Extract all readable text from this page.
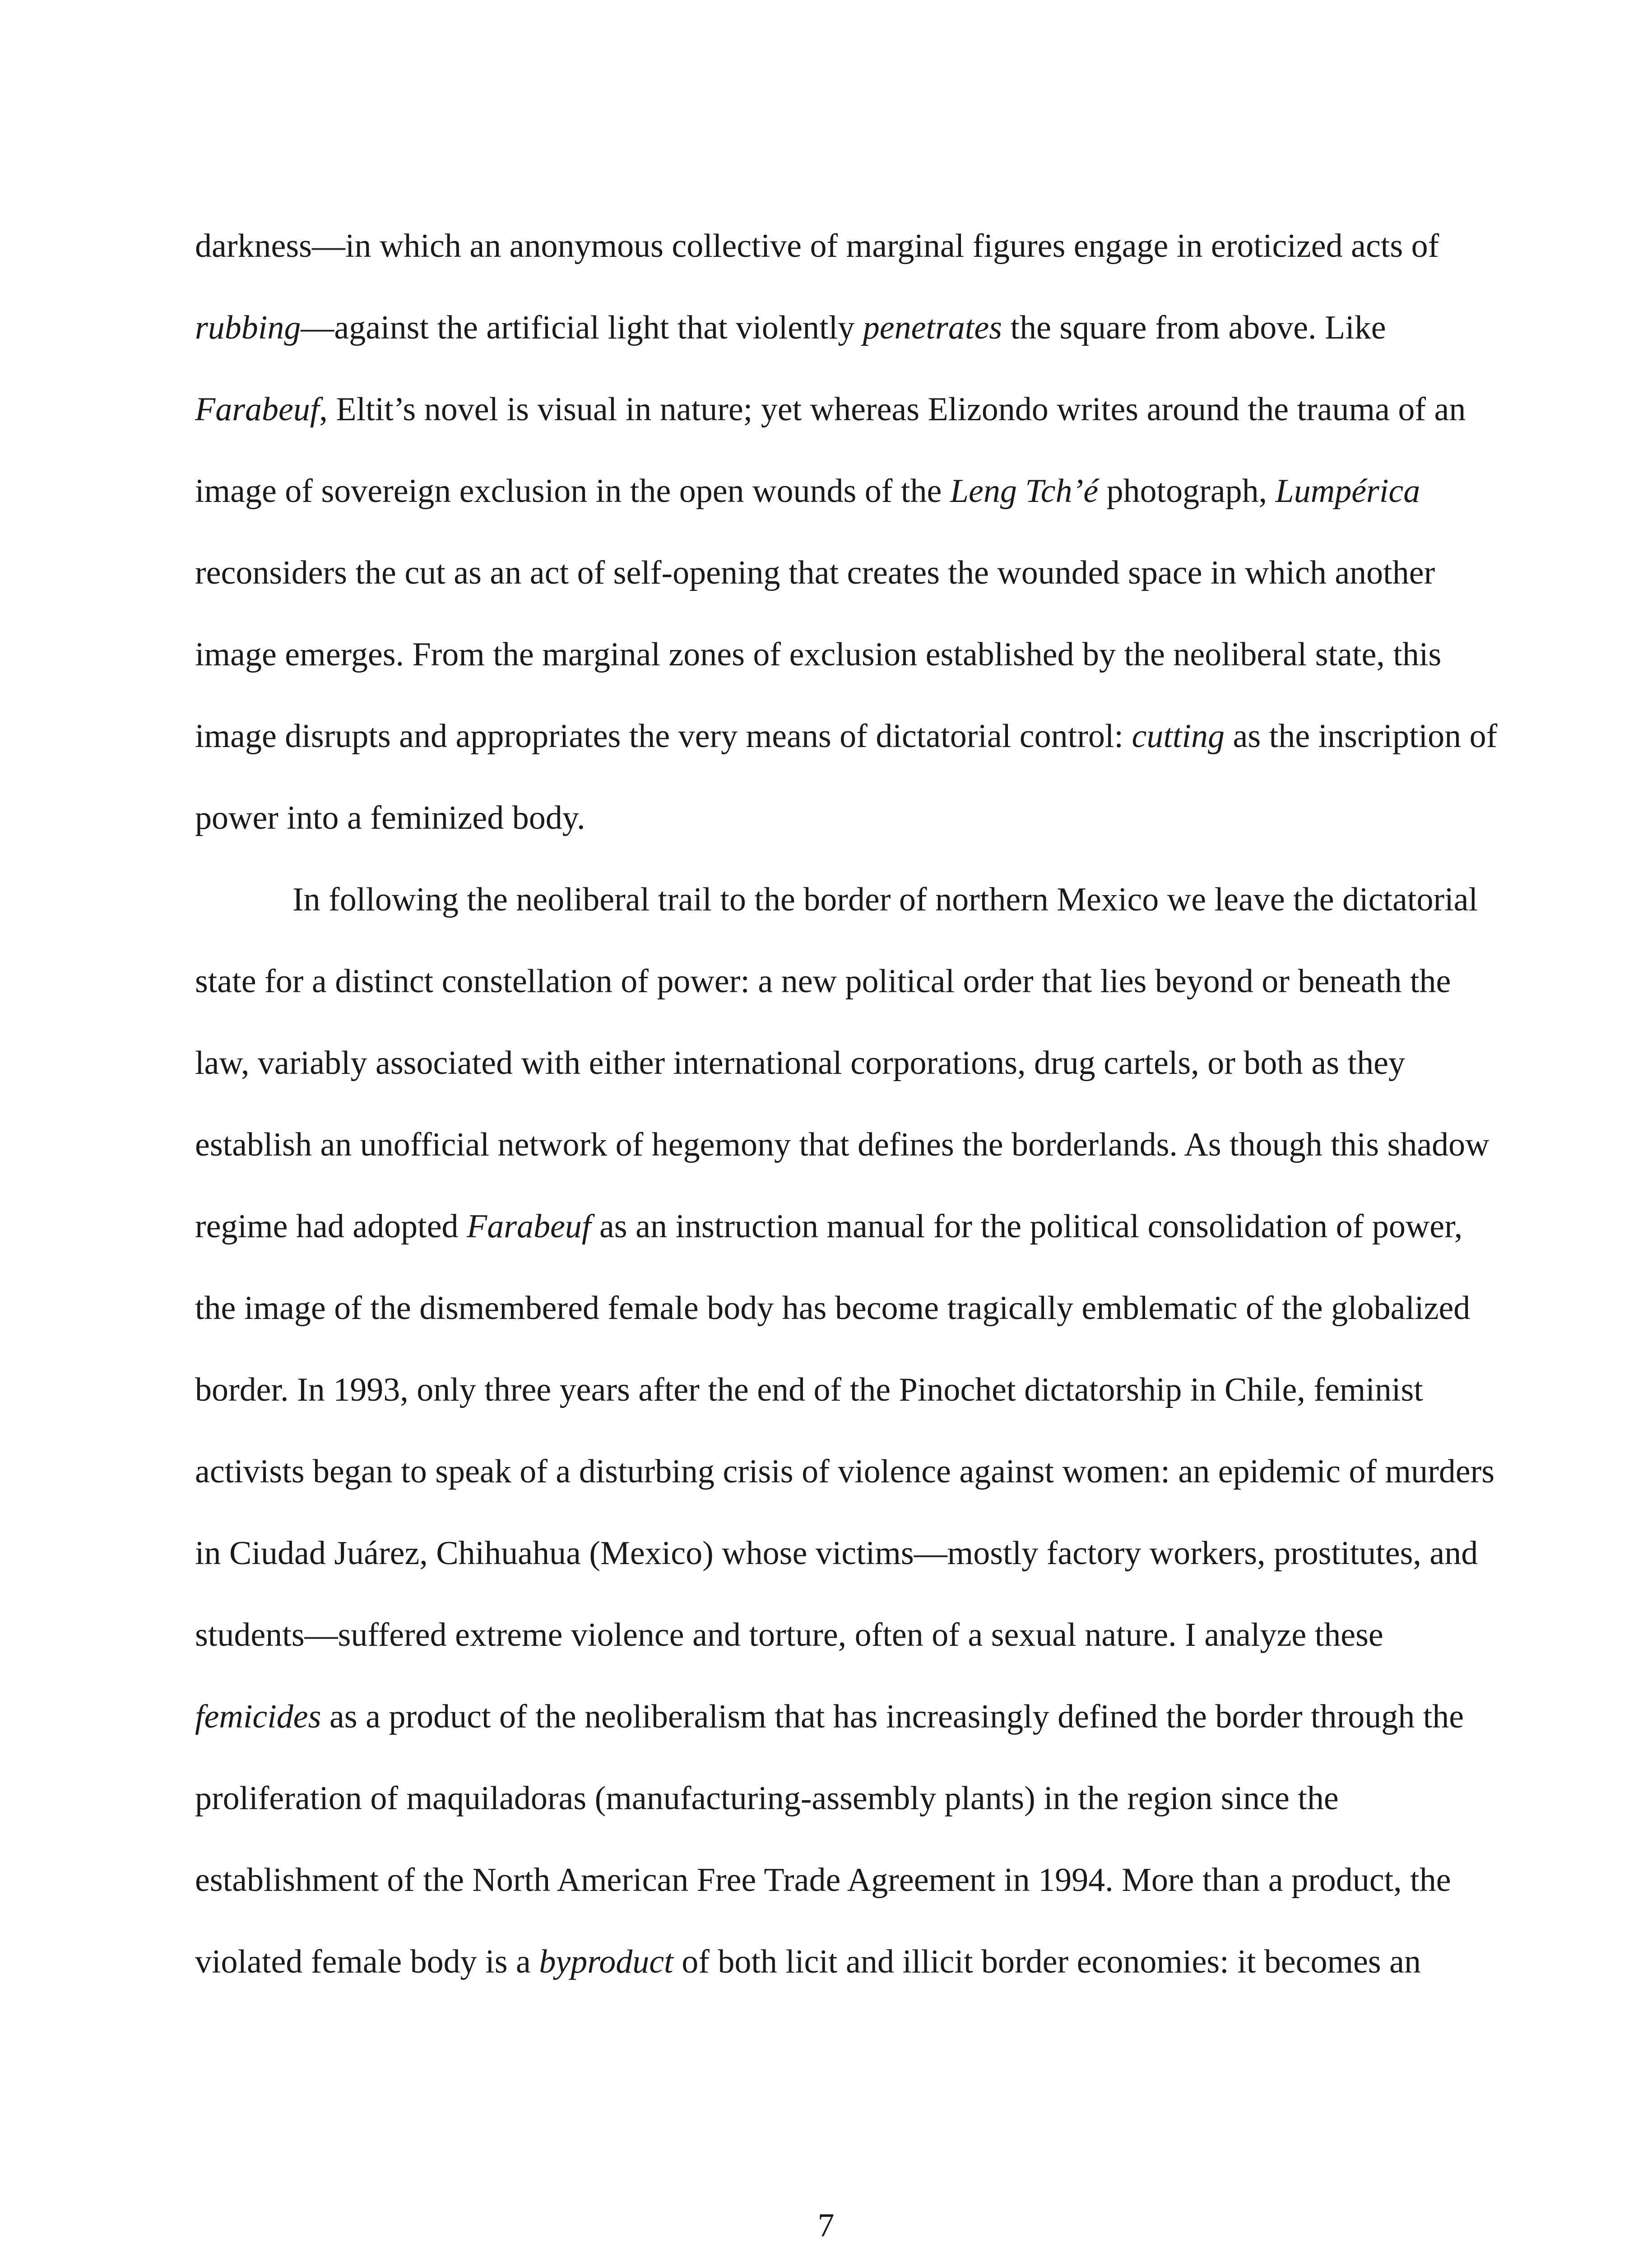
darkness—in which an anonymous collective of marginal figures engage in eroticized acts of
rubbing—against the artificial light that violently penetrates the square from above. Like
Farabeuf, Eltit’s novel is visual in nature; yet whereas Elizondo writes around the trauma of an
image of sovereign exclusion in the open wounds of the Leng Tch’é photograph, Lumpérica
reconsiders the cut as an act of self-opening that creates the wounded space in which another
image emerges. From the marginal zones of exclusion established by the neoliberal state, this
image disrupts and appropriates the very means of dictatorial control: cutting as the inscription of
power into a feminized body.
In following the neoliberal trail to the border of northern Mexico we leave the dictatorial
state for a distinct constellation of power: a new political order that lies beyond or beneath the
law, variably associated with either international corporations, drug cartels, or both as they
establish an unofficial network of hegemony that defines the borderlands. As though this shadow
regime had adopted Farabeuf as an instruction manual for the political consolidation of power,
the image of the dismembered female body has become tragically emblematic of the globalized
border. In 1993, only three years after the end of the Pinochet dictatorship in Chile, feminist
activists began to speak of a disturbing crisis of violence against women: an epidemic of murders
in Ciudad Juárez, Chihuahua (Mexico) whose victims—mostly factory workers, prostitutes, and
students—suffered extreme violence and torture, often of a sexual nature. I analyze these
femicides as a product of the neoliberalism that has increasingly defined the border through the
proliferation of maquiladoras (manufacturing-assembly plants) in the region since the
establishment of the North American Free Trade Agreement in 1994. More than a product, the
violated female body is a byproduct of both licit and illicit border economies: it becomes an
7
